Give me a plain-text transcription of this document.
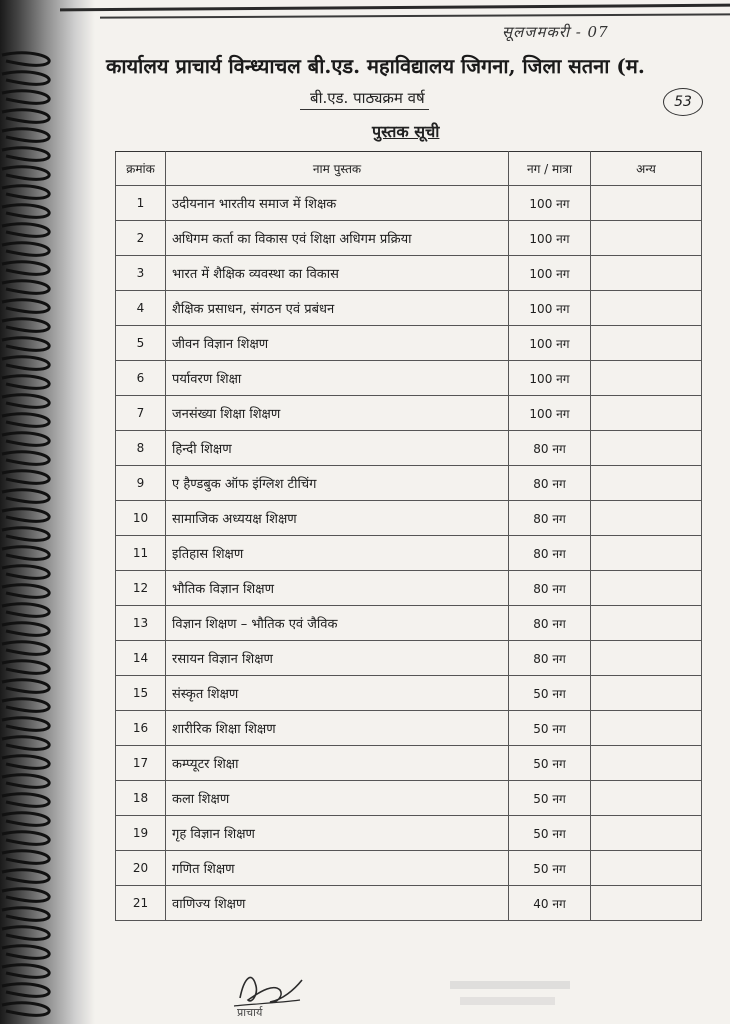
सूलजमकरी - 07
53
कार्यालय प्राचार्य विन्ध्याचल बी.एड. महाविद्यालय जिगना, जिला सतना (म.
बी.एड. पाठ्यक्रम वर्ष
पुस्तक सूची
क्रमांक	नाम पुस्तक	नग / मात्रा	अन्य
1	उदीयनान भारतीय समाज में शिक्षक	100 नग	
2	अधिगम कर्ता का विकास एवं शिक्षा अधिगम प्रक्रिया	100 नग	
3	भारत में शैक्षिक व्यवस्था का विकास	100 नग	
4	शैक्षिक प्रसाधन, संगठन एवं प्रबंधन	100 नग	
5	जीवन विज्ञान शिक्षण	100 नग	
6	पर्यावरण शिक्षा	100 नग	
7	जनसंख्या शिक्षा शिक्षण	100 नग	
8	हिन्दी शिक्षण	80 नग	
9	ए हैण्डबुक ऑफ इंग्लिश टीचिंग	80 नग	
10	सामाजिक अध्ययक्ष शिक्षण	80 नग	
11	इतिहास शिक्षण	80 नग	
12	भौतिक विज्ञान शिक्षण	80 नग	
13	विज्ञान शिक्षण – भौतिक एवं जैविक	80 नग	
14	रसायन विज्ञान शिक्षण	80 नग	
15	संस्कृत शिक्षण	50 नग	
16	शारीरिक शिक्षा शिक्षण	50 नग	
17	कम्प्यूटर शिक्षा	50 नग	
18	कला शिक्षण	50 नग	
19	गृह विज्ञान शिक्षण	50 नग	
20	गणित शिक्षण	50 नग	
21	वाणिज्य शिक्षण	40 नग	
प्राचार्य
